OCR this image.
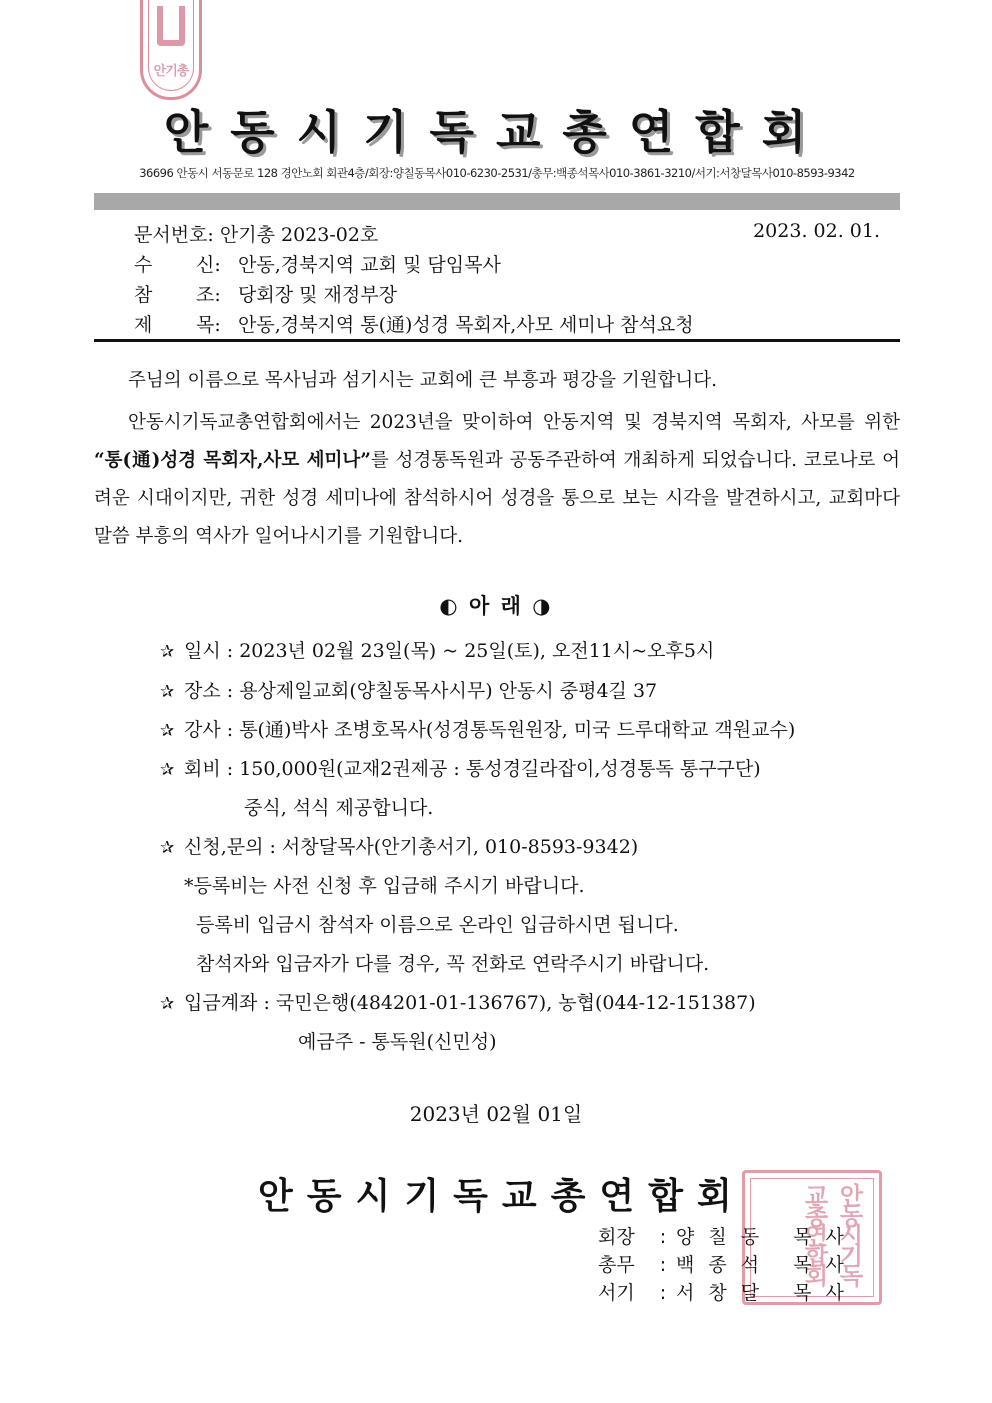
안기총
안동시기독교총연합회
36696 안동시 서동문로 128 경안노회 회관4층/회장:양칠동목사010-6230-2531/총무:백종석목사010-3861-3210/서기:서창달목사010-8593-9342
문서번호: 안기총 2023-02호	2023. 02. 01.
수 신: 안동,경북지역 교회 및 담임목사
참 조: 당회장 및 재정부장
제 목: 안동,경북지역 통(通)성경 목회자,사모 세미나 참석요청
주님의 이름으로 목사님과 섬기시는 교회에 큰 부흥과 평강을 기원합니다.
안동시기독교총연합회에서는 2023년을 맞이하여 안동지역 및 경북지역 목회자, 사모를 위한 “통(通)성경 목회자,사모 세미나”를 성경통독원과 공동주관하여 개최하게 되었습니다. 코로나로 어려운 시대이지만, 귀한 성경 세미나에 참석하시어 성경을 통으로 보는 시각을 발견하시고, 교회마다 말씀 부흥의 역사가 일어나시기를 기원합니다.
◐ 아 래 ◑
✰ 일시 : 2023년 02월 23일(목) ~ 25일(토), 오전11시~오후5시
✰ 장소 : 용상제일교회(양칠동목사시무) 안동시 중평4길 37
✰ 강사 : 통(通)박사 조병호목사(성경통독원원장, 미국 드루대학교 객원교수)
✰ 회비 : 150,000원(교재2권제공 : 통성경길라잡이,성경통독 통구구단)
중식, 석식 제공합니다.
✰ 신청,문의 : 서창달목사(안기총서기, 010-8593-9342)
*등록비는 사전 신청 후 입금해 주시기 바랍니다.
등록비 입금시 참석자 이름으로 온라인 입금하시면 됩니다.
참석자와 입금자가 다를 경우, 꼭 전화로 연락주시기 바랍니다.
✰ 입금계좌 : 국민은행(484201-01-136767), 농협(044-12-151387)
예금주 - 통독원(신민성)
2023년 02월 01일
안동시기독교총연합회	안동시기독교총연합회
회장 : 양칠동 목사
총무 : 백종석 목사
서기 : 서창달 목사
